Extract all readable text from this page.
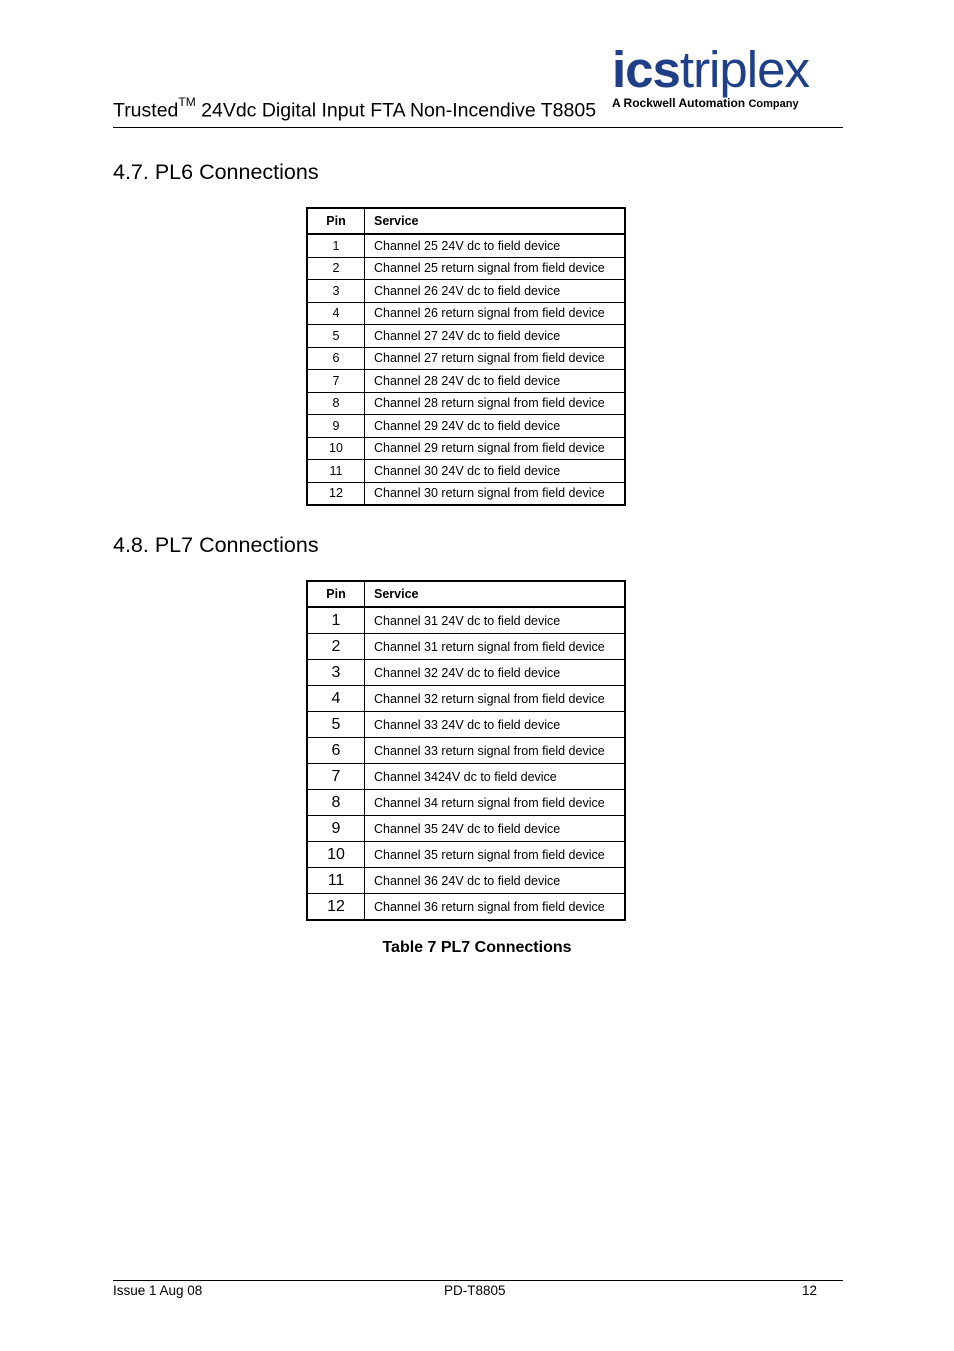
Trusted™ 24Vdc Digital Input FTA Non-Incendive T8805
icstriplex
A Rockwell Automation Company
4.7. PL6 Connections
Pin	Service
1	Channel 25 24V dc to field device
2	Channel 25 return signal from field device
3	Channel 26 24V dc to field device
4	Channel 26 return signal from field device
5	Channel 27 24V dc to field device
6	Channel 27 return signal from field device
7	Channel 28 24V dc to field device
8	Channel 28 return signal from field device
9	Channel 29 24V dc to field device
10	Channel 29 return signal from field device
11	Channel 30 24V dc to field device
12	Channel 30 return signal from field device
4.8. PL7 Connections
Pin	Service
1	Channel 31 24V dc to field device
2	Channel 31 return signal from field device
3	Channel 32 24V dc to field device
4	Channel 32 return signal from field device
5	Channel 33 24V dc to field device
6	Channel 33 return signal from field device
7	Channel 3424V dc to field device
8	Channel 34 return signal from field device
9	Channel 35 24V dc to field device
10	Channel 35 return signal from field device
11	Channel 36 24V dc to field device
12	Channel 36 return signal from field device
Table 7 PL7 Connections
Issue 1 Aug 08	PD-T8805	12
